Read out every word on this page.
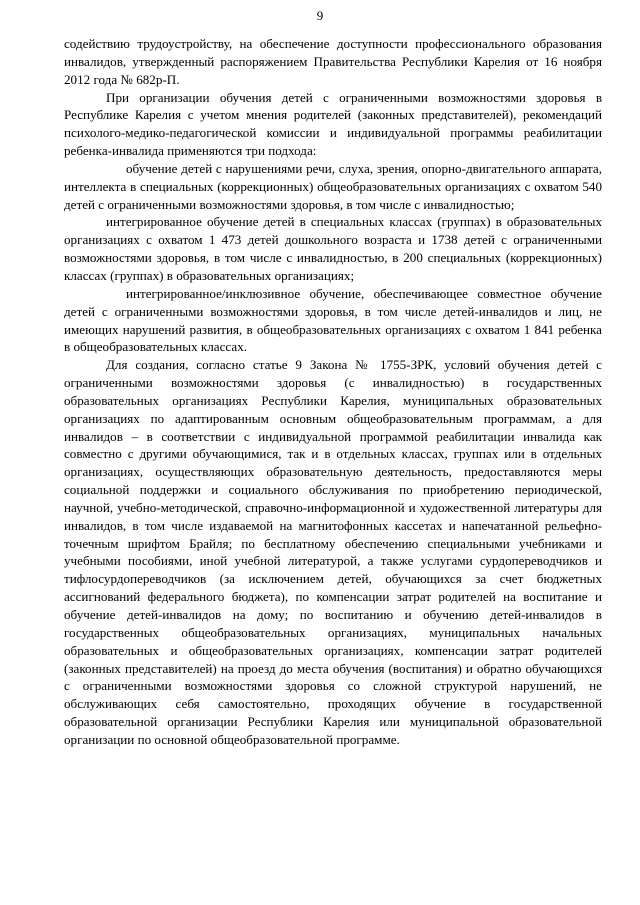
9

содействию трудоустройству, на обеспечение доступности профессионального образования инвалидов, утвержденный распоряжением Правительства Республики Карелия от 16 ноября 2012 года № 682р-П.

При организации обучения детей с ограниченными возможностями здоровья в Республике Карелия с учетом мнения родителей (законных представителей), рекомендаций психолого-медико-педагогической комиссии и индивидуальной программы реабилитации ребенка-инвалида применяются три подхода:

обучение детей с нарушениями речи, слуха, зрения, опорно-двигательного аппарата, интеллекта в специальных (коррекционных) общеобразовательных организациях с охватом 540 детей с ограниченными возможностями здоровья, в том числе с инвалидностью;

интегрированное обучение детей в специальных классах (группах) в образовательных организациях с охватом 1 473 детей дошкольного возраста и 1738 детей с ограниченными возможностями здоровья, в том числе с инвалидностью, в 200 специальных (коррекционных) классах (группах) в образовательных организациях;

интегрированное/инклюзивное обучение, обеспечивающее совместное обучение детей с ограниченными возможностями здоровья, в том числе детей-инвалидов и лиц, не имеющих нарушений развития, в общеобразовательных организациях с охватом 1 841 ребенка в общеобразовательных классах.

Для создания, согласно статье 9 Закона № 1755-ЗРК, условий обучения детей с ограниченными возможностями здоровья (с инвалидностью) в государственных образовательных организациях Республики Карелия, муниципальных образовательных организациях по адаптированным основным общеобразовательным программам, а для инвалидов – в соответствии с индивидуальной программой реабилитации инвалида как совместно с другими обучающимися, так и в отдельных классах, группах или в отдельных организациях, осуществляющих образовательную деятельность, предоставляются меры социальной поддержки и социального обслуживания по приобретению периодической, научной, учебно-методической, справочно-информационной и художественной литературы для инвалидов, в том числе издаваемой на магнитофонных кассетах и напечатанной рельефно-точечным шрифтом Брайля; по бесплатному обеспечению специальными учебниками и учебными пособиями, иной учебной литературой, а также услугами сурдопереводчиков и тифлосурдопереводчиков (за исключением детей, обучающихся за счет бюджетных ассигнований федерального бюджета), по компенсации затрат родителей на воспитание и обучение детей-инвалидов на дому; по воспитанию и обучению детей-инвалидов в государственных общеобразовательных организациях, муниципальных начальных образовательных и общеобразовательных организациях, компенсации затрат родителей (законных представителей) на проезд до места обучения (воспитания) и обратно обучающихся с ограниченными возможностями здоровья со сложной структурой нарушений, не обслуживающих себя самостоятельно, проходящих обучение в государственной образовательной организации Республики Карелия или муниципальной образовательной организации по основной общеобразовательной программе.
